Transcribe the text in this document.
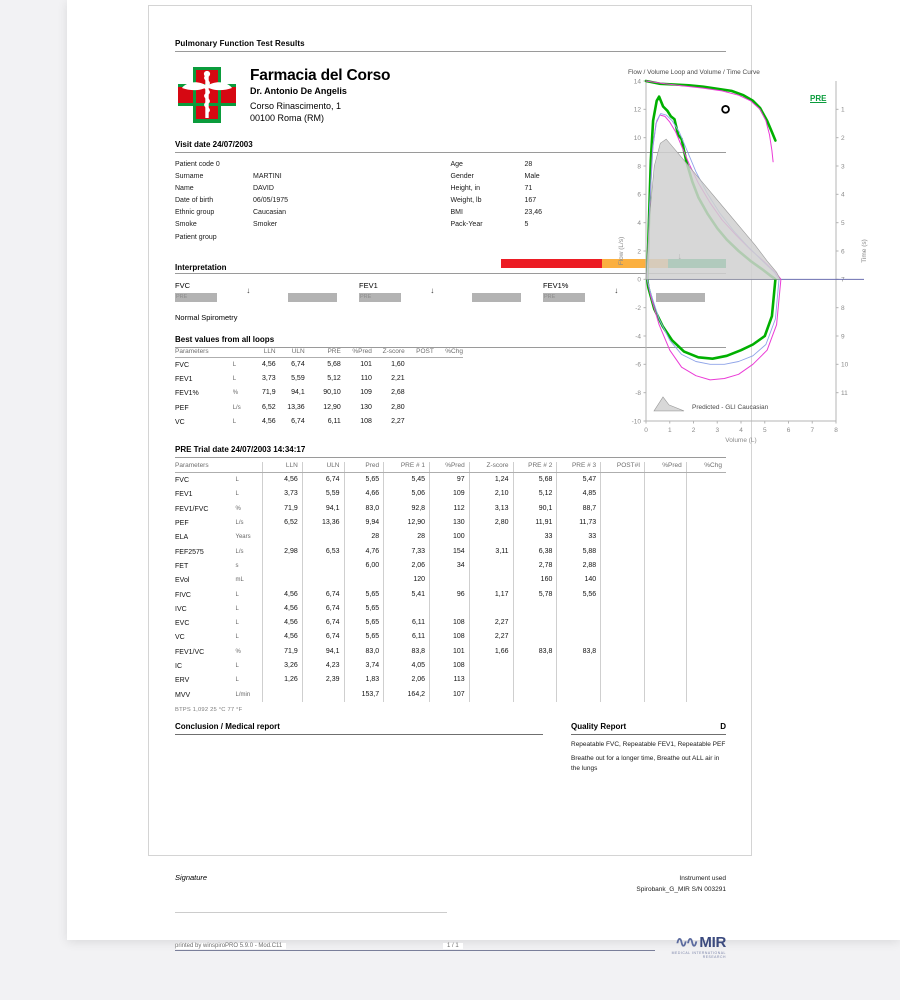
Pulmonary Function Test Results
Farmacia del Corso
Dr. Antonio De Angelis
Corso Rinascimento, 1
00100 Roma (RM)
Visit date 24/07/2003
Patient code 0
Surname	MARTINI
Name	DAVID
Date of birth	06/05/1975
Ethnic group	Caucasian
Smoke	Smoker
Patient group
Age	28
Gender	Male
Height, in	71
Weight, lb	167
BMI	23,46
Pack-Year	5
Interpretation
FVC
PRE
↓
FEV1
PRE
↓
FEV1%
PRE
↓
Normal Spirometry
Best values from all loops
Parameters		LLN	ULN	PRE	%Pred	Z-score	POST	%Chg
FVC	L	4,56	6,74	5,68	101	1,60		
FEV1	L	3,73	5,59	5,12	110	2,21		
FEV1%	%	71,9	94,1	90,10	109	2,68		
PEF	L/s	6,52	13,36	12,90	130	2,80		
VC	L	4,56	6,74	6,11	108	2,27		
PRE Trial date 24/07/2003 14:34:17
Parameters		LLN	ULN	Pred	PRE # 1	%Pred	Z-score	PRE # 2	PRE # 3	POST#I	%Pred	%Chg
FVC	L	4,56	6,74	5,65	5,45	97	1,24	5,68	5,47			
FEV1	L	3,73	5,59	4,66	5,06	109	2,10	5,12	4,85			
FEV1/FVC	%	71,9	94,1	83,0	92,8	112	3,13	90,1	88,7			
PEF	L/s	6,52	13,36	9,94	12,90	130	2,80	11,91	11,73			
ELA	Years			28	28	100		33	33			
FEF2575	L/s	2,98	6,53	4,76	7,33	154	3,11	6,38	5,88			
FET	s			6,00	2,06	34		2,78	2,88			
EVol	mL				120			160	140			
FIVC	L	4,56	6,74	5,65	5,41	96	1,17	5,78	5,56			
IVC	L	4,56	6,74	5,65								
EVC	L	4,56	6,74	5,65	6,11	108	2,27					
VC	L	4,56	6,74	5,65	6,11	108	2,27					
FEV1/VC	%	71,9	94,1	83,0	83,8	101	1,66	83,8	83,8			
IC	L	3,26	4,23	3,74	4,05	108						
ERV	L	1,26	2,39	1,83	2,06	113						
MVV	L/min			153,7	164,2	107						
BTPS 1,092 25 °C 77 °F
Conclusion / Medical report	Quality Report	D

Repeatable FVC, Repeatable FEV1, Repeatable PEF

Breathe out for a longer time, Breathe out ALL air in the lungs

Signature	Instrument used
Spirobank_G_MIR S/N 003291
printed by winspiroPRO 5.9.0 - Mod.C11	1 / 1	∿∿ MIR
MEDICAL INTERNATIONAL RESEARCH
Flow / Volume Loop and Volume / Time Curve
PRE
-10
-8
-6
-4
-2
0
2
4
6
8
10
12
14
1
2
3
4
5
6
7
8
9
10
11
0	1	2	3	4	5	6	7	8
Volume (L)
Flow (L/s)	Time (s)
Predicted - GLI Caucasian
